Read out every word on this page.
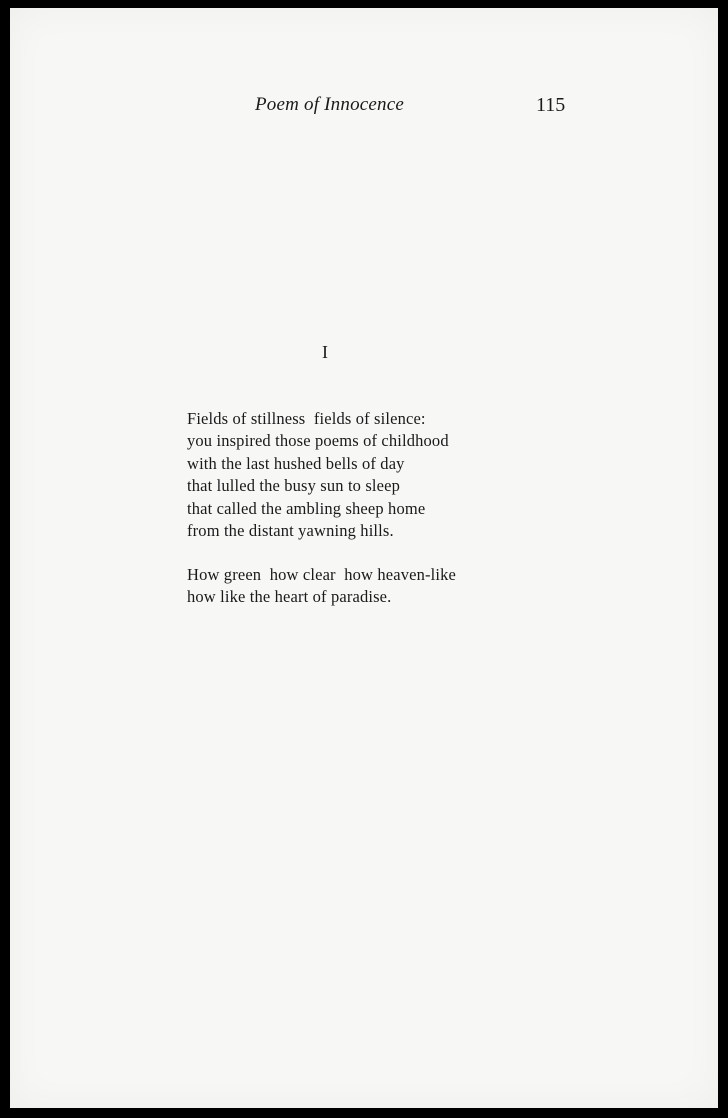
Poem of Innocence	115
I
Fields of stillness  fields of silence:
you inspired those poems of childhood
with the last hushed bells of day
that lulled the busy sun to sleep
that called the ambling sheep home
from the distant yawning hills.
How green  how clear  how heaven-like
how like the heart of paradise.
